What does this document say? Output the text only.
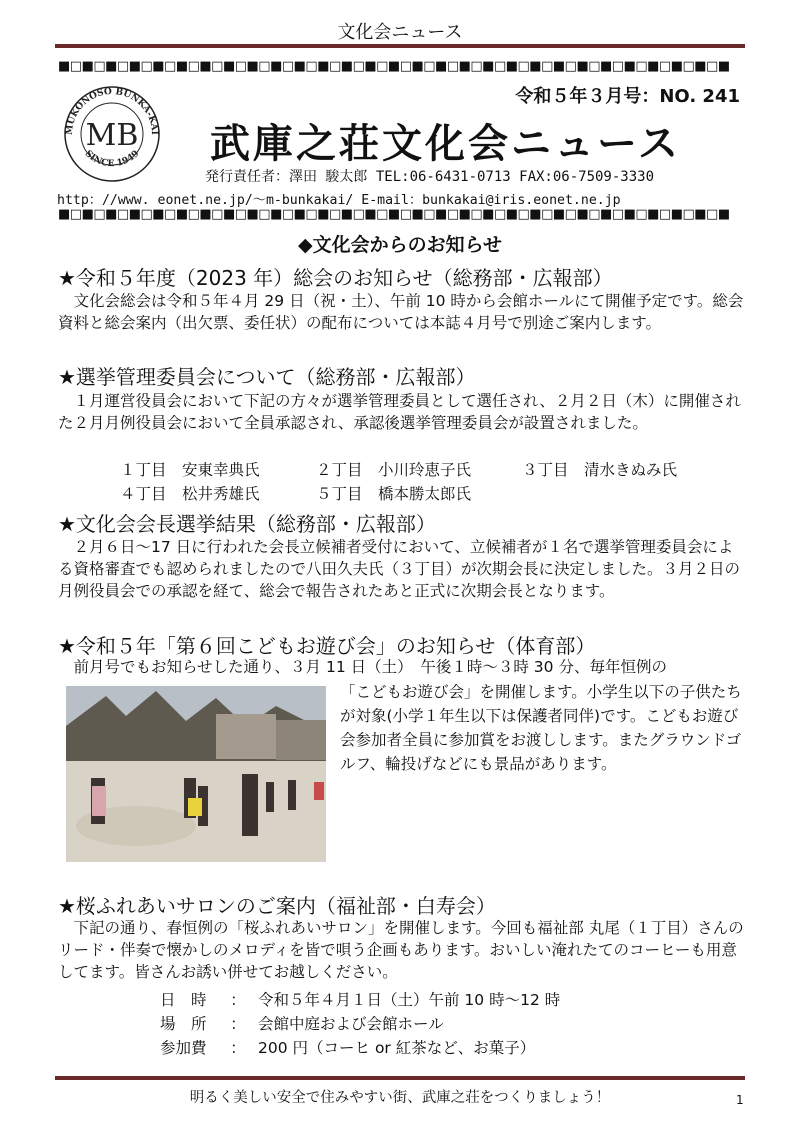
文化会ニュース
■□■□■□■□■□■□■□■□■□■□■□■□■□■□■□■□■□■□■□■□■□■□■□■□■□■□■□■□■
令和５年３月号：NO. 241
MUKONOSO BUNKA-KAI
SINCE 1949
MB 武庫之荘文化会ニュース
発行責任者：澤田 駿太郎 TEL:06-6431-0713 FAX:06-7509-3330
http：//www. eonet.ne.jp/～m-bunkakai/ E-mail：bunkakai@iris.eonet.ne.jp
■□■□■□■□■□■□■□■□■□■□■□■□■□■□■□■□■□■□■□■□■□■□■□■□■□■□■□■□■
◆文化会からのお知らせ
★令和５年度（2023 年）総会のお知らせ（総務部・広報部）
文化会総会は令和５年４月 29 日（祝・土）、午前 10 時から会館ホールにて開催予定です。総会資料と総会案内（出欠票、委任状）の配布については本誌４月号で別途ご案内します。
★選挙管理委員会について（総務部・広報部）
１月運営役員会において下記の方々が選挙管理委員として選任され、２月２日（木）に開催された２月月例役員会において全員承認され、承認後選挙管理委員会が設置されました。
１丁目　安東幸典氏	２丁目　小川玲恵子氏	３丁目　清水きぬみ氏
４丁目　松井秀雄氏	５丁目　橋本勝太郎氏
★文化会会長選挙結果（総務部・広報部）
２月６日～17 日に行われた会長立候補者受付において、立候補者が１名で選挙管理委員会による資格審査でも認められましたので八田久夫氏（３丁目）が次期会長に決定しました。３月２日の月例役員会での承認を経て、総会で報告されたあと正式に次期会長となります。
★令和５年「第６回こどもお遊び会」のお知らせ（体育部）
前月号でもお知らせした通り、３月 11 日（土）　午後１時～３時 30 分、毎年恒例の
「こどもお遊び会」を開催します。小学生以下の子供たちが対象(小学１年生以下は保護者同伴)です。こどもお遊び会参加者全員に参加賞をお渡しします。またグラウンドゴルフ、輪投げなどにも景品があります。
★桜ふれあいサロンのご案内（福祉部・白寿会）
下記の通り、春恒例の「桜ふれあいサロン」を開催します。今回も福祉部 丸尾（１丁目）さんのリード・伴奏で懐かしのメロディを皆で唄う企画もあります。おいしい淹れたてのコーヒーも用意してます。皆さんお誘い併せてお越しください。
日　時 ： 令和５年４月１日（土）午前 10 時～12 時
場　所 ： 会館中庭および会館ホール
参加費 ： 200 円（コーヒ or 紅茶など、お菓子）
明るく美しい安全で住みやすい街、武庫之荘をつくりましょう！	1
